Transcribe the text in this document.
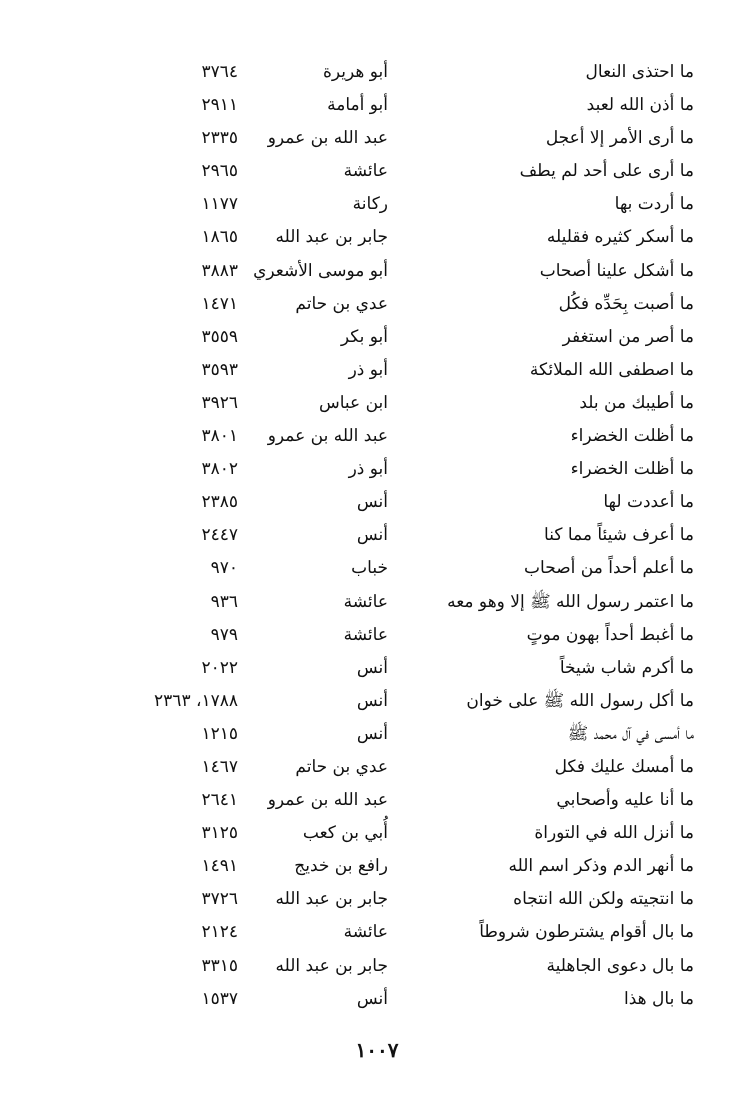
ما احتذى النعال
أبو هريرة
٣٧٦٤
ما أذن الله لعبد
أبو أمامة
٢٩١١
ما أرى الأمر إلا أعجل
عبد الله بن عمرو
٢٣٣٥
ما أرى على أحد لم يطف
عائشة
٢٩٦٥
ما أردت بها
ركانة
١١٧٧
ما أسكر كثيره فقليله
جابر بن عبد الله
١٨٦٥
ما أشكل علينا أصحاب
أبو موسى الأشعري
٣٨٨٣
ما أصبت بِحَدِّه فكُل
عدي بن حاتم
١٤٧١
ما أصر من استغفر
أبو بكر
٣٥٥٩
ما اصطفى الله الملائكة
أبو ذر
٣٥٩٣
ما أطيبك من بلد
ابن عباس
٣٩٢٦
ما أظلت الخضراء
عبد الله بن عمرو
٣٨٠١
ما أظلت الخضراء
أبو ذر
٣٨٠٢
ما أعددت لها
أنس
٢٣٨٥
ما أعرف شيئاً مما كنا
أنس
٢٤٤٧
ما أعلم أحداً من أصحاب
خباب
٩٧٠
ما اعتمر رسول الله ﷺ إلا وهو معه
عائشة
٩٣٦
ما أغبط أحداً بهون موتٍ
عائشة
٩٧٩
ما أكرم شاب شيخاً
أنس
٢٠٢٢
ما أكل رسول الله ﷺ على خوان
أنس
١٧٨٨، ٢٣٦٣
ما أمسى في آل محمد ﷺ
أنس
١٢١٥
ما أمسك عليك فكل
عدي بن حاتم
١٤٦٧
ما أنا عليه وأصحابي
عبد الله بن عمرو
٢٦٤١
ما أنزل الله في التوراة
أُبي بن كعب
٣١٢٥
ما أنهر الدم وذكر اسم الله
رافع بن خديج
١٤٩١
ما انتجيته ولكن الله انتجاه
جابر بن عبد الله
٣٧٢٦
ما بال أقوام يشترطون شروطاً
عائشة
٢١٢٤
ما بال دعوى الجاهلية
جابر بن عبد الله
٣٣١٥
ما بال هذا
أنس
١٥٣٧
١٠٠٧
